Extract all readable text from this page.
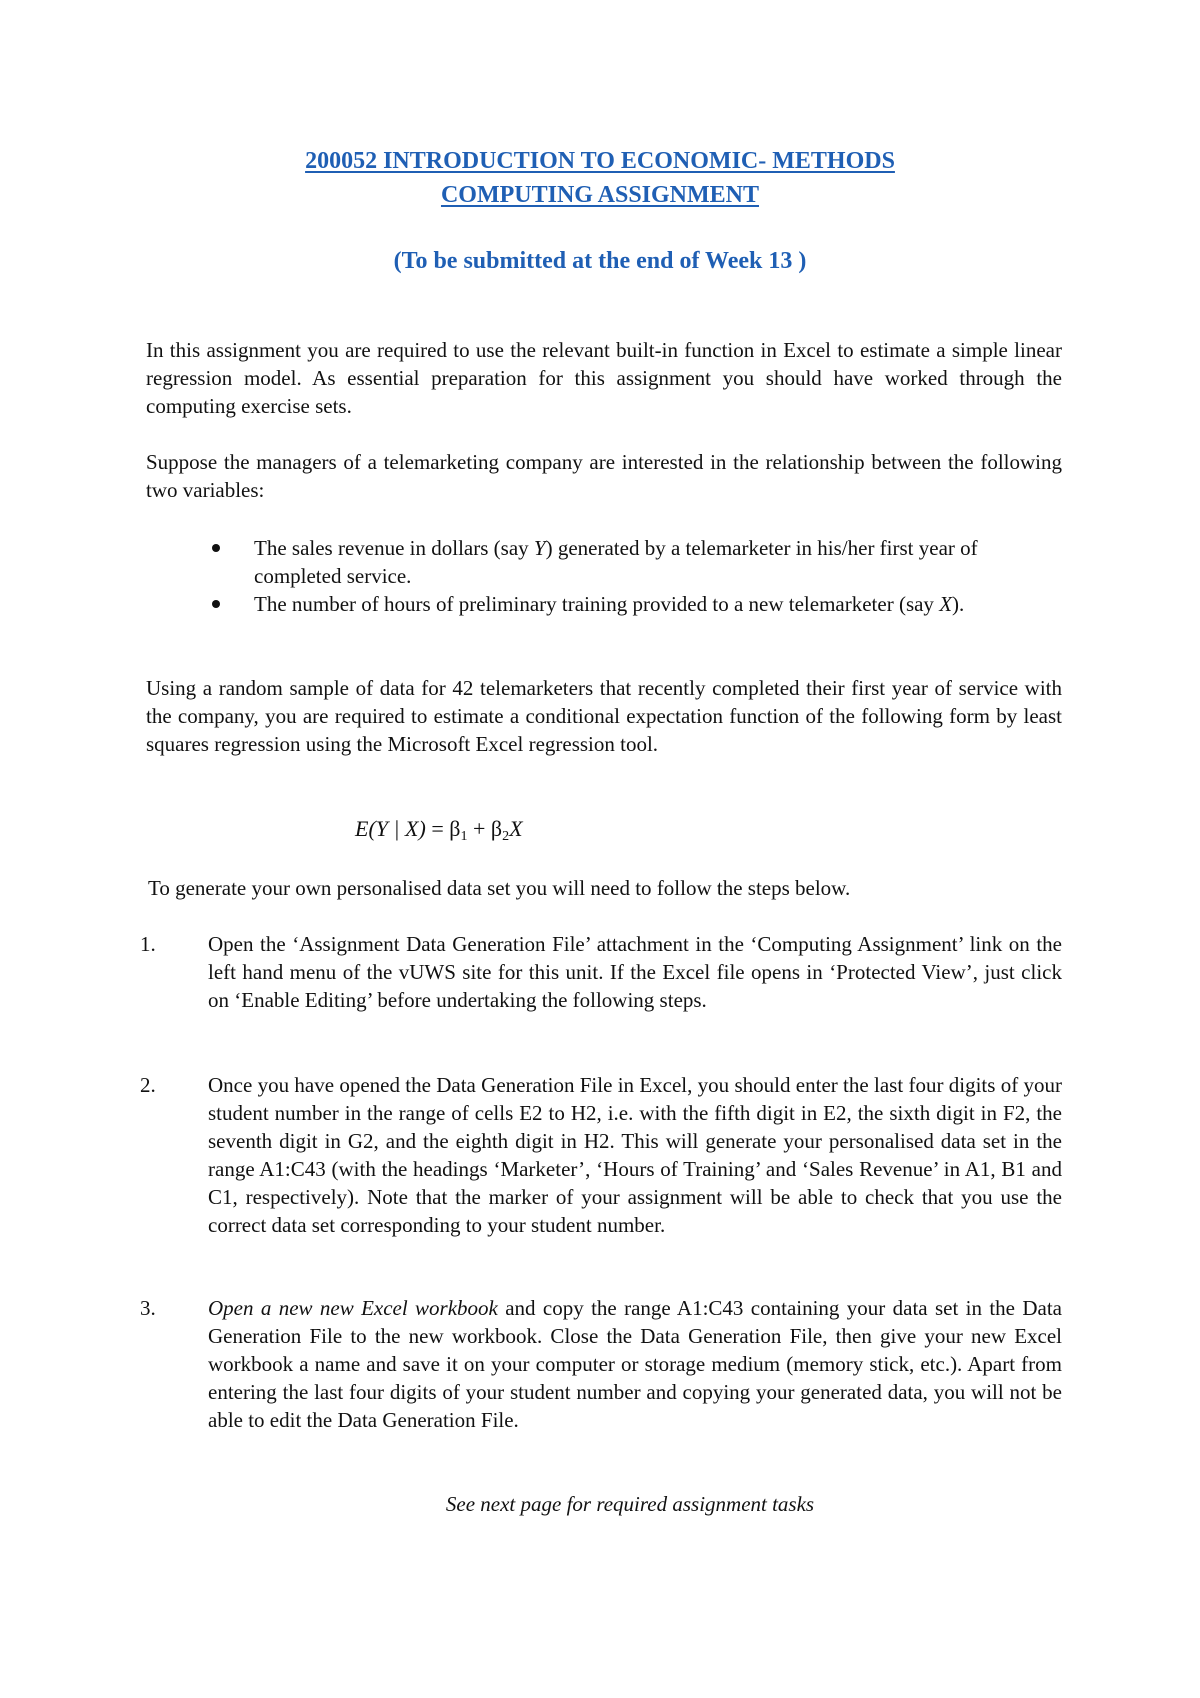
200052 INTRODUCTION TO ECONOMIC- METHODS
COMPUTING ASSIGNMENT
(To be submitted at the end of Week 13 )

In this assignment you are required to use the relevant built-in function in Excel to estimate a simple linear regression model. As essential preparation for this assignment you should have worked through the computing exercise sets.

Suppose the managers of a telemarketing company are interested in the relationship between the following two variables:

The sales revenue in dollars (say Y) generated by a telemarketer in his/her first year of completed service.
The number of hours of preliminary training provided to a new telemarketer (say X).

Using a random sample of data for 42 telemarketers that recently completed their first year of service with the company, you are required to estimate a conditional expectation function of the following form by least squares regression using the Microsoft Excel regression tool.

E(Y | $X) = \beta_1 + \beta_2X$

To generate your own personalised data set you will need to follow the steps below.

1.	Open the ‘Assignment Data Generation File’ attachment in the ‘Computing Assignment’ link on the left hand menu of the vUWS site for this unit. If the Excel file opens in ‘Protected View’, just click on ‘Enable Editing’ before undertaking the following steps.
2.	Once you have opened the Data Generation File in Excel, you should enter the last four digits of your student number in the range of cells E2 to H2, i.e. with the fifth digit in E2, the sixth digit in F2, the seventh digit in G2, and the eighth digit in H2. This will generate your personalised data set in the range A1:C43 (with the headings ‘Marketer’, ‘Hours of Training’ and ‘Sales Revenue’ in A1, B1 and C1, respectively). Note that the marker of your assignment will be able to check that you use the correct data set corresponding to your student number.
3.	Open a new new Excel workbook and copy the range A1:C43 containing your data set in the Data Generation File to the new workbook. Close the Data Generation File, then give your new Excel workbook a name and save it on your computer or storage medium (memory stick, etc.). Apart from entering the last four digits of your student number and copying your generated data, you will not be able to edit the Data Generation File.
See next page for required assignment tasks
